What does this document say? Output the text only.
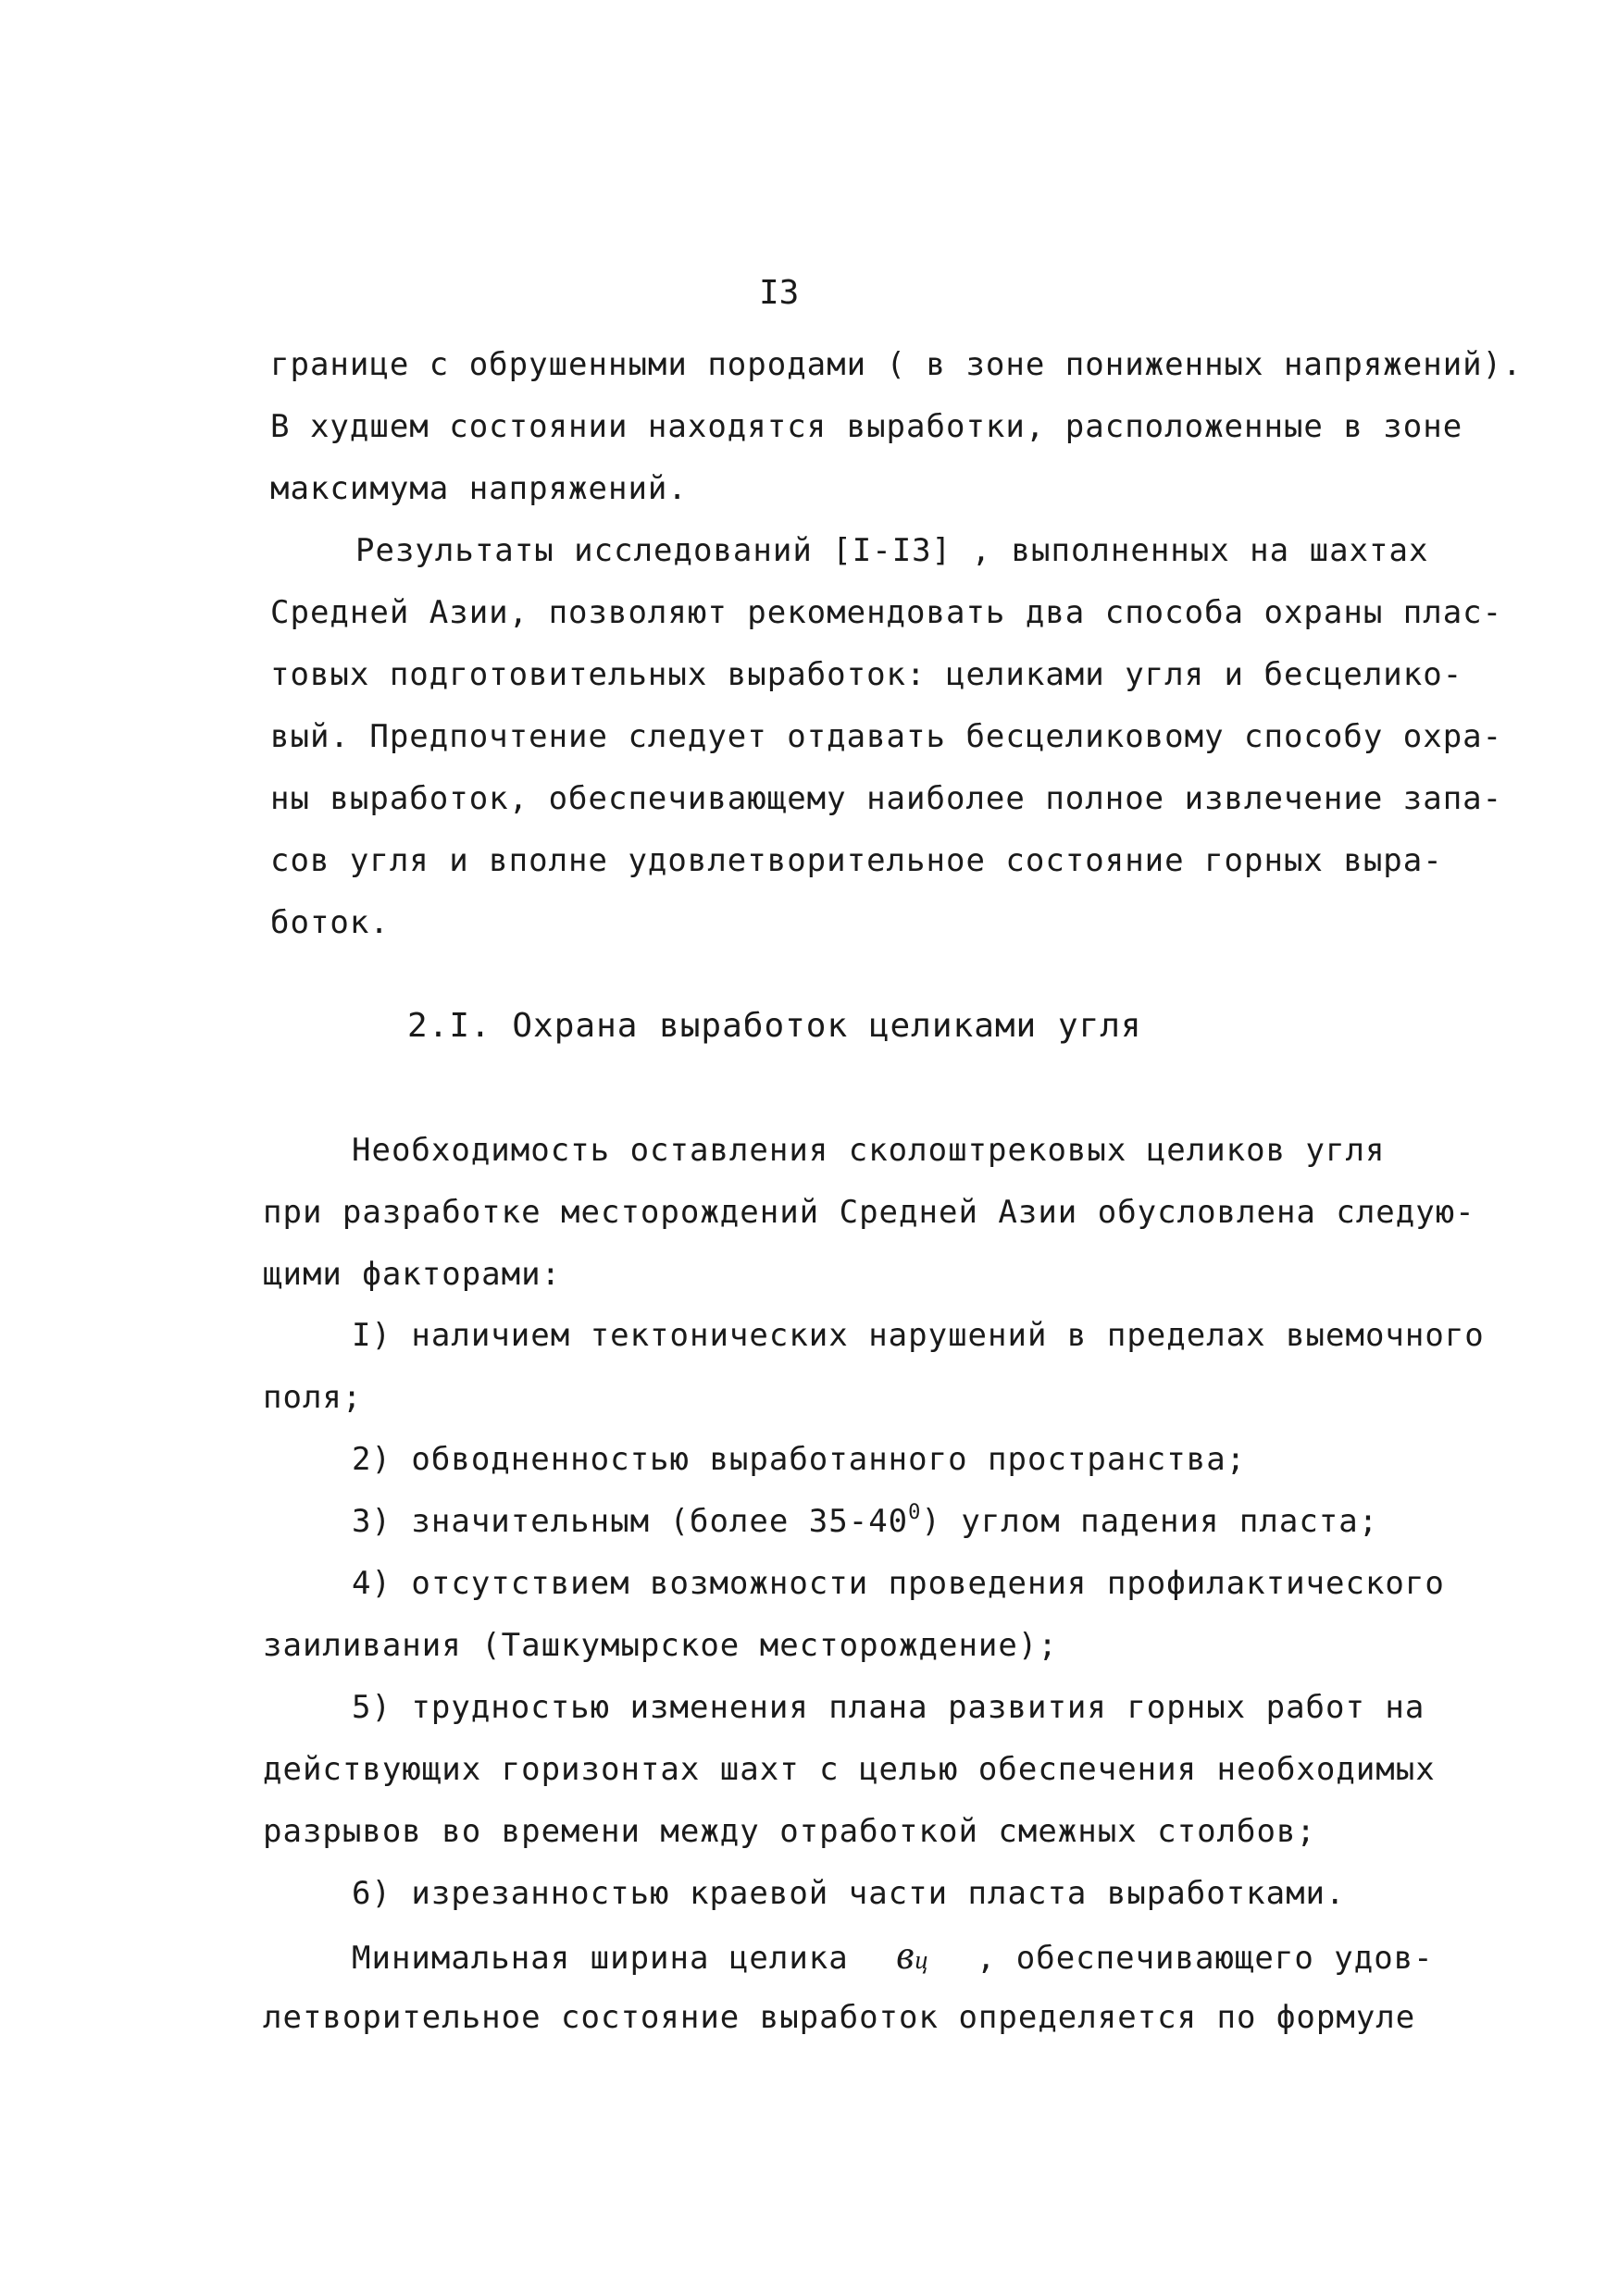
I3
границе с обрушенными породами ( в зоне пониженных напряжений).
В худшем состоянии находятся выработки, расположенные в зоне
максимума напряжений.
Результаты исследований [I-I3] , выполненных на шахтах
Средней Азии, позволяют рекомендовать два способа охраны плас-
товых подготовительных выработок: целиками угля и бесцелико-
вый. Предпочтение следует отдавать бесцеликовому способу охра-
ны выработок, обеспечивающему наиболее полное извлечение запа-
сов угля и вполне удовлетворительное состояние горных выра-
боток.
2.I. Охрана выработок целиками угля
Необходимость оставления сколоштрековых целиков угля
при разработке месторождений Средней Азии обусловлена следую-
щими факторами:
I) наличием тектонических нарушений в пределах выемочного
поля;
2) обводненностью выработанного пространства;
3) значительным (более $35-40^0$) углом падения пласта;
4) отсутствием возможности проведения профилактического
заиливания (Ташкумырское месторождение);
5) трудностью изменения плана развития горных работ на
действующих горизонтах шахт с целью обеспечения необходимых
разрывов во времени между отработкой смежных столбов;
6) изрезанностью краевой части пласта выработками.
Минимальная ширина целика вц , обеспечивающего удов-
летворительное состояние выработок определяется по формуле
